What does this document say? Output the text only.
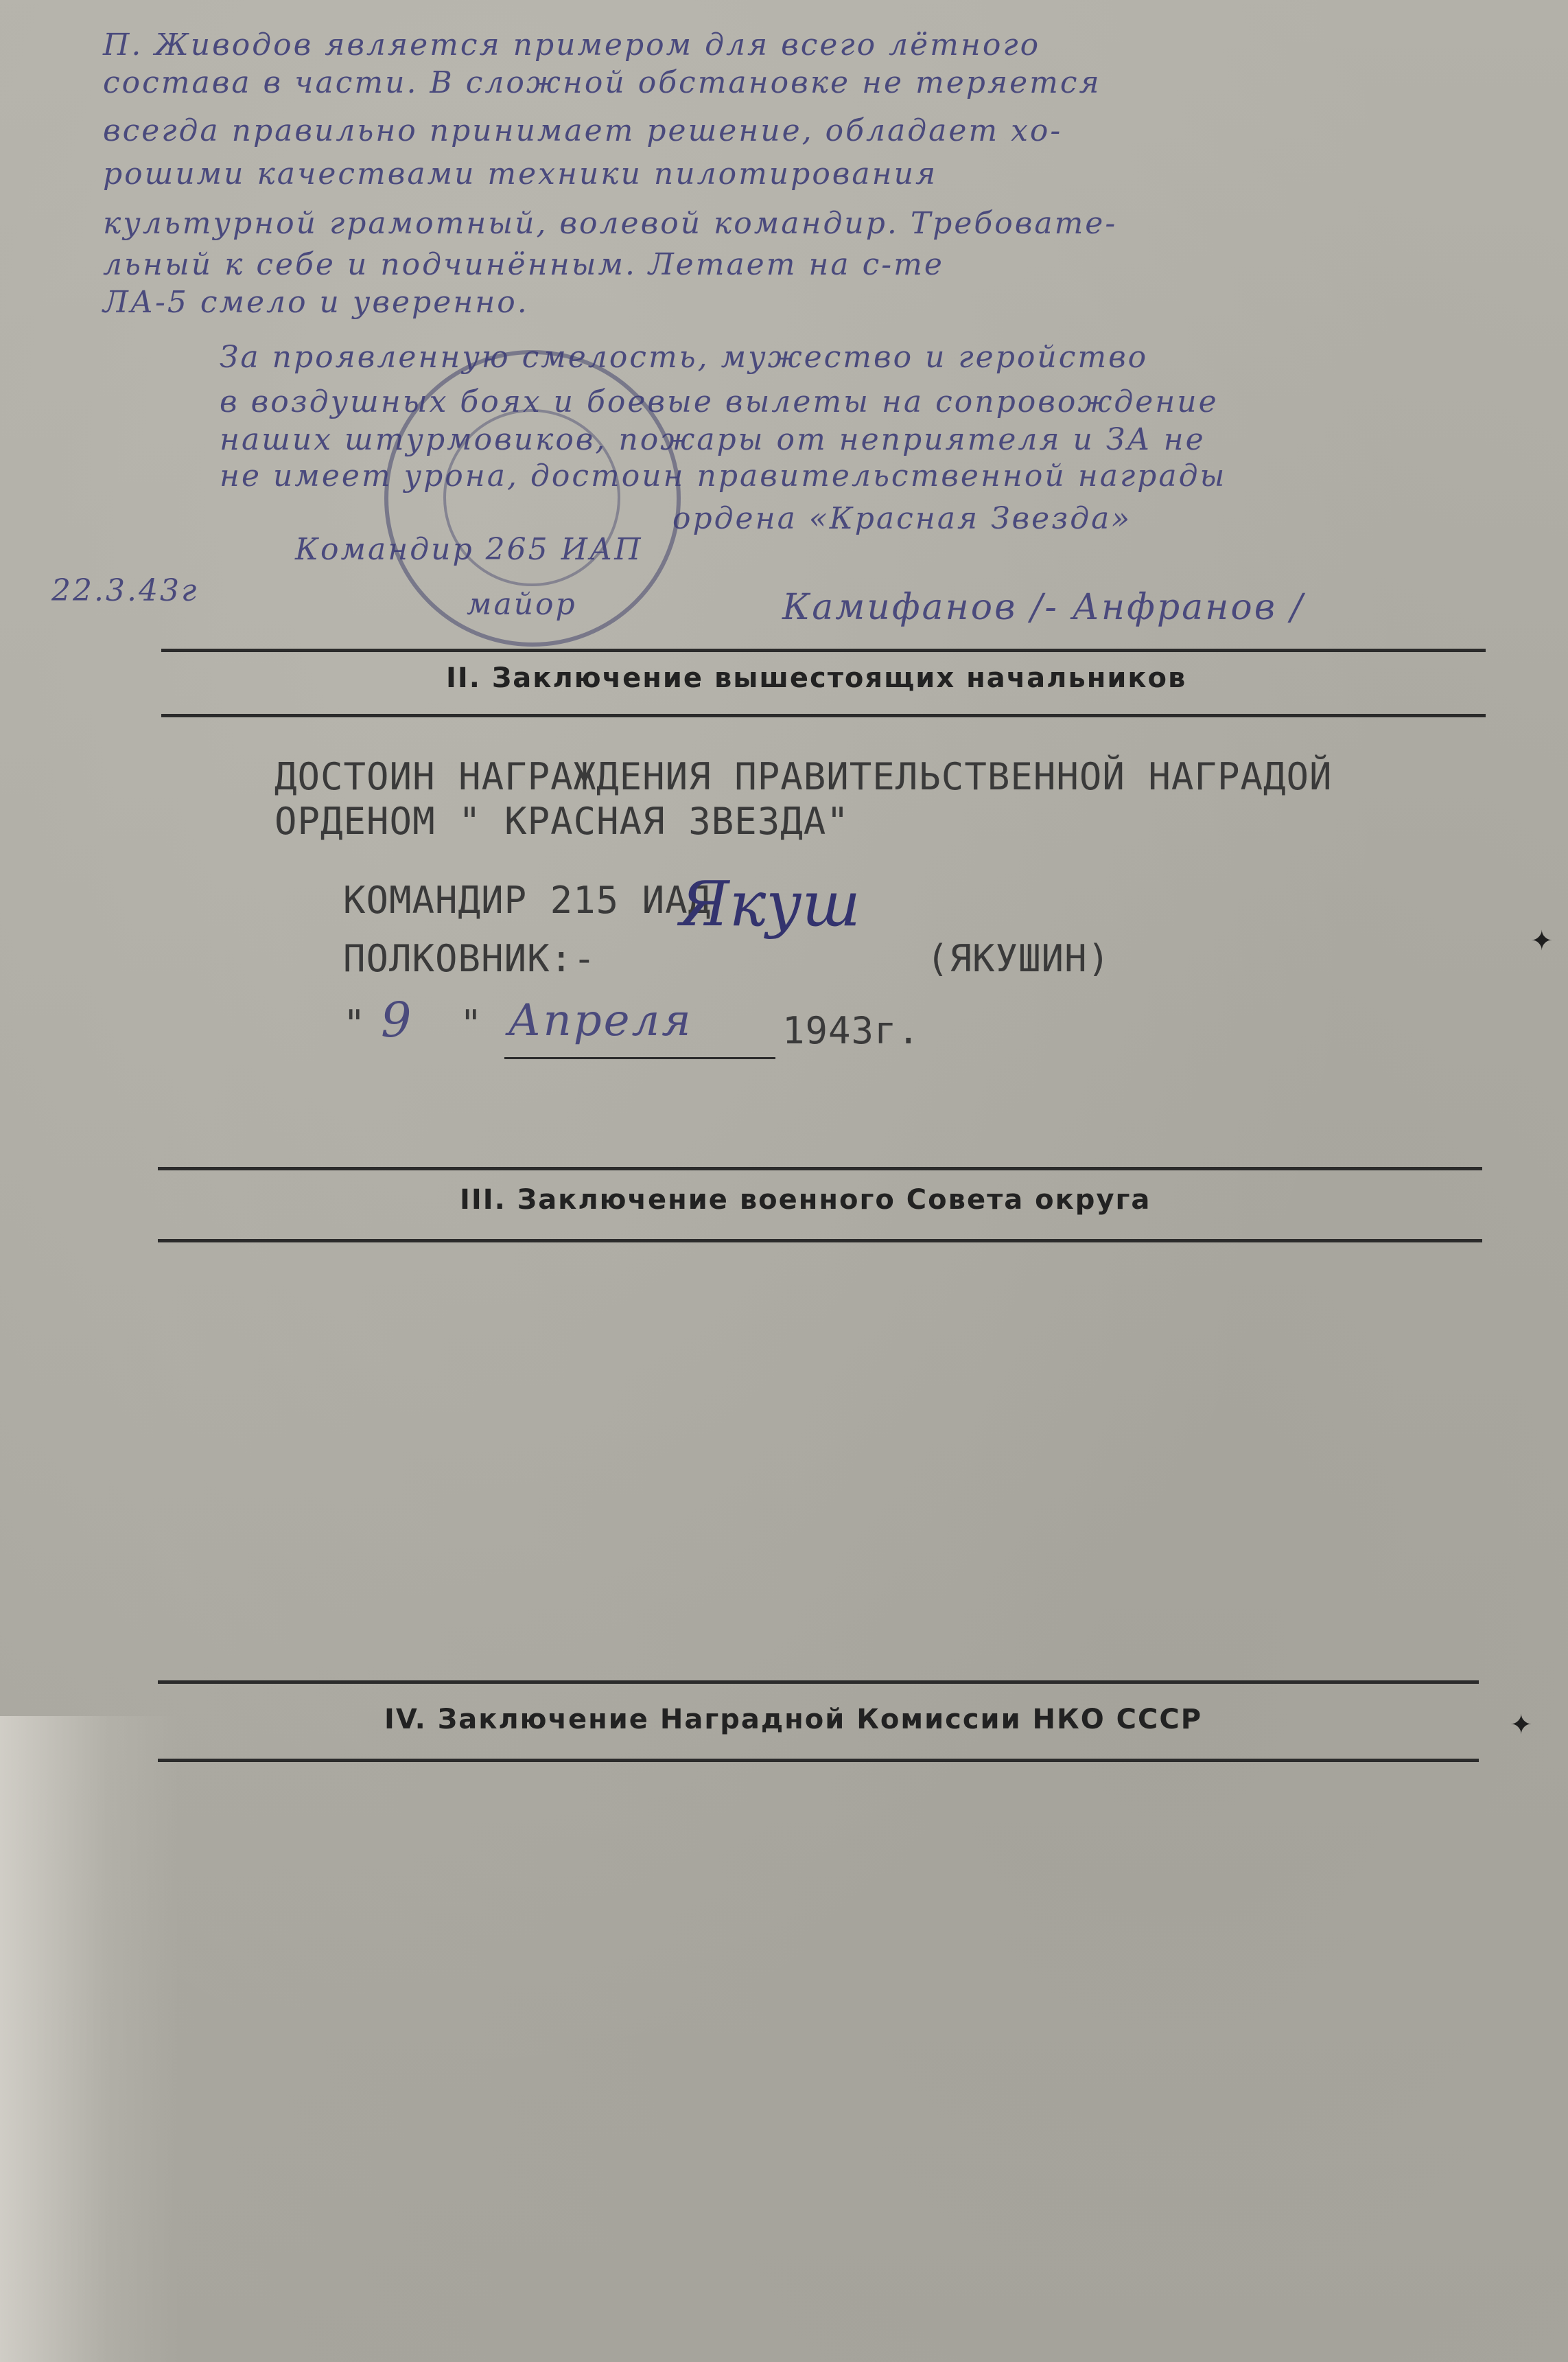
П. Живодов является примером для всего лётного
состава в части. В сложной обстановке не теряется
всегда правильно принимает решение, обладает хо-
рошими качествами техники пилотирования
культурной грамотный, волевой командир. Требовате-
льный к себе и подчинённым. Летает на с-те
ЛА-5 смело и уверенно.
За проявленную смелость, мужество и геройство
в воздушных боях и боевые вылеты на сопровождение
наших штурмовиков, пожары от неприятеля и ЗА не
не имеет урона, достоин правительственной награды
ордена «Красная Звезда»
Командир 265 ИАП
майор
22.3.43г	Камифанов /- Анфранов /
II. Заключение вышестоящих начальников
ДОСТОИН НАГРАЖДЕНИЯ ПРАВИТЕЛЬСТВЕННОЙ НАГРАДОЙ
ОРДЕНОМ " КРАСНАЯ ЗВЕЗДА"
КОМАНДИР 215 ИАД
ПОЛКОВНИК:-
Якуш
(ЯКУШИН)
" 9 " Апреля 1943г.
III. Заключение военного Совета округа
IV. Заключение Наградной Комиссии НКО СССР
✦
✦
